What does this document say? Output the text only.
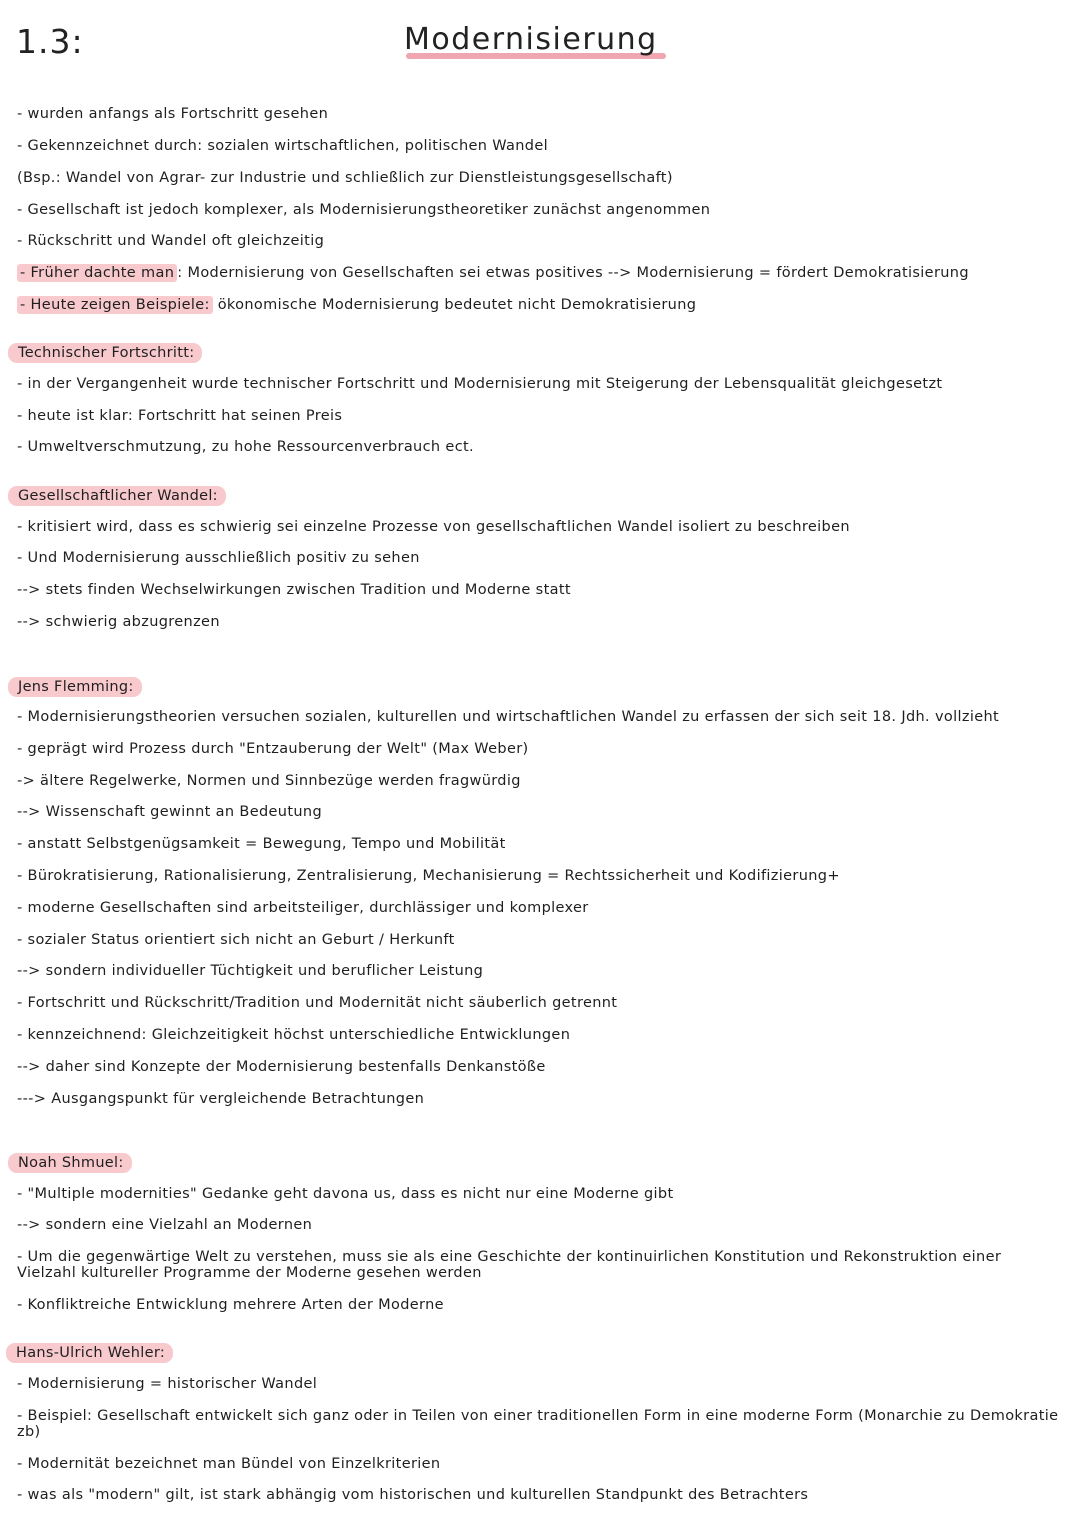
1.3:	Modernisierung
- wurden anfangs als Fortschritt gesehen
- Gekennzeichnet durch: sozialen wirtschaftlichen, politischen Wandel
(Bsp.: Wandel von Agrar- zur Industrie und schließlich zur Dienstleistungsgesellschaft)
- Gesellschaft ist jedoch komplexer, als Modernisierungstheoretiker zunächst angenommen
- Rückschritt und Wandel oft gleichzeitig
- Früher dachte man : Modernisierung von Gesellschaften sei etwas positives --> Modernisierung = fördert Demokratisierung
- Heute zeigen Beispiele: ökonomische Modernisierung bedeutet nicht Demokratisierung
Technischer Fortschritt:
- in der Vergangenheit wurde technischer Fortschritt und Modernisierung mit Steigerung der Lebensqualität gleichgesetzt
- heute ist klar: Fortschritt hat seinen Preis
- Umweltverschmutzung, zu hohe Ressourcenverbrauch ect.
Gesellschaftlicher Wandel:
- kritisiert wird, dass es schwierig sei einzelne Prozesse von gesellschaftlichen Wandel isoliert zu beschreiben
- Und Modernisierung ausschließlich positiv zu sehen
--> stets finden Wechselwirkungen zwischen Tradition und Moderne statt
--> schwierig abzugrenzen
Jens Flemming:
- Modernisierungstheorien versuchen sozialen, kulturellen und wirtschaftlichen Wandel zu erfassen der sich seit 18. Jdh. vollzieht
- geprägt wird Prozess durch "Entzauberung der Welt" (Max Weber)
-> ältere Regelwerke, Normen und Sinnbezüge werden fragwürdig
--> Wissenschaft gewinnt an Bedeutung
- anstatt Selbstgenügsamkeit = Bewegung, Tempo und Mobilität
- Bürokratisierung, Rationalisierung, Zentralisierung, Mechanisierung = Rechtssicherheit und Kodifizierung+
- moderne Gesellschaften sind arbeitsteiliger, durchlässiger und komplexer
- sozialer Status orientiert sich nicht an Geburt / Herkunft
--> sondern individueller Tüchtigkeit und beruflicher Leistung
- Fortschritt und Rückschritt/Tradition und Modernität nicht säuberlich getrennt
- kennzeichnend: Gleichzeitigkeit höchst unterschiedliche Entwicklungen
--> daher sind Konzepte der Modernisierung bestenfalls Denkanstöße
---> Ausgangspunkt für vergleichende Betrachtungen
Noah Shmuel:
- "Multiple modernities" Gedanke geht davona us, dass es nicht nur eine Moderne gibt
--> sondern eine Vielzahl an Modernen
- Um die gegenwärtige Welt zu verstehen, muss sie als eine Geschichte der kontinuirlichen Konstitution und Rekonstruktion einer Vielzahl kultureller Programme der Moderne gesehen werden
- Konfliktreiche Entwicklung mehrere Arten der Moderne
Hans-Ulrich Wehler:
- Modernisierung = historischer Wandel
- Beispiel: Gesellschaft entwickelt sich ganz oder in Teilen von einer traditionellen Form in eine moderne Form (Monarchie zu Demokratie zb)
- Modernität bezeichnet man Bündel von Einzelkriterien
- was als "modern" gilt, ist stark abhängig vom historischen und kulturellen Standpunkt des Betrachters
